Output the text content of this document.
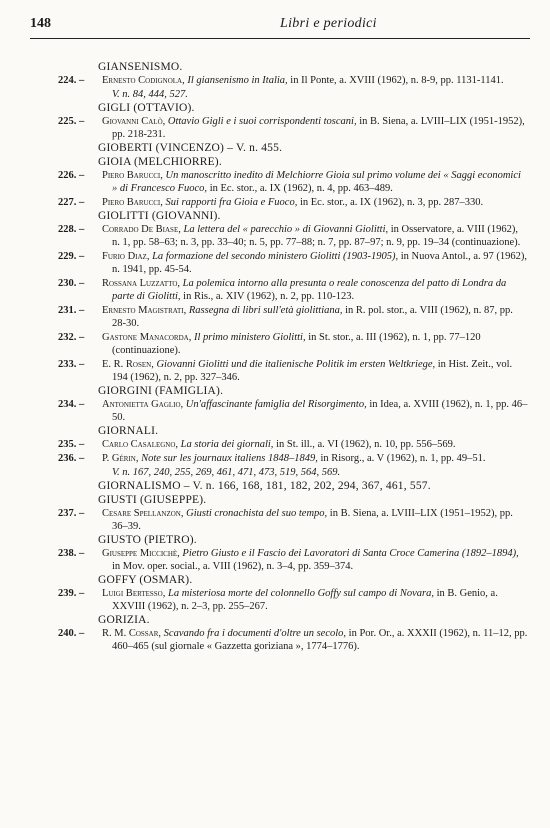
148	Libri e periodici
GIANSENISMO.
224. – Ernesto Codignola, Il giansenismo in Italia, in Il Ponte, a. XVIII (1962), n. 8-9, pp. 1131-1141.
V. n. 84, 444, 527.
GIGLI (OTTAVIO).
225. – Giovanni Calò, Ottavio Gigli e i suoi corrispondenti toscani, in B. Siena, a. LVIII–LIX (1951-1952), pp. 218-231.
GIOBERTI (VINCENZO) – V. n. 455.
GIOIA (MELCHIORRE).
226. – Piero Barucci, Un manoscritto inedito di Melchiorre Gioia sul primo volume dei « Saggi economici » di Francesco Fuoco, in Ec. stor., a. IX (1962), n. 4, pp. 463–489.
227. – Piero Barucci, Sui rapporti fra Gioia e Fuoco, in Ec. stor., a. IX (1962), n. 3, pp. 287–330.
GIOLITTI (GIOVANNI).
228. – Corrado De Biase, La lettera del « parecchio » di Giovanni Giolitti, in Osservatore, a. VIII (1962), n. 1, pp. 58–63; n. 3, pp. 33–40; n. 5, pp. 77–88; n. 7, pp. 87–97; n. 9, pp. 19–34 (continuazione).
229. – Furio Diaz, La formazione del secondo ministero Giolitti (1903-1905), in Nuova Antol., a. 97 (1962), n. 1941, pp. 45-54.
230. – Rossana Luzzatto, La polemica intorno alla presunta o reale conoscenza del patto di Londra da parte di Giolitti, in Ris., a. XIV (1962), n. 2, pp. 110-123.
231. – Ernesto Magistrati, Rassegna di libri sull'età giolittiana, in R. pol. stor., a. VIII (1962), n. 87, pp. 28-30.
232. – Gastone Manacorda, Il primo ministero Giolitti, in St. stor., a. III (1962), n. 1, pp. 77–120 (continuazione).
233. – E. R. Rosen, Giovanni Giolitti und die italienische Politik im ersten Weltkriege, in Hist. Zeit., vol. 194 (1962), n. 2, pp. 327–346.
GIORGINI (FAMIGLIA).
234. – Antonietta Gaglio, Un'affascinante famiglia del Risorgimento, in Idea, a. XVIII (1962), n. 1, pp. 46–50.
GIORNALI.
235. – Carlo Casalegno, La storia dei giornali, in St. ill., a. VI (1962), n. 10, pp. 556–569.
236. – P. Gérin, Note sur les journaux italiens 1848–1849, in Risorg., a. V (1962), n. 1, pp. 49–51.
V. n. 167, 240, 255, 269, 461, 471, 473, 519, 564, 569.
GIORNALISMO – V. n. 166, 168, 181, 182, 202, 294, 367, 461, 557.
GIUSTI (GIUSEPPE).
237. – Cesare Spellanzon, Giusti cronachista del suo tempo, in B. Siena, a. LVIII–LIX (1951–1952), pp. 36–39.
GIUSTO (PIETRO).
238. – Giuseppe Miccichè, Pietro Giusto e il Fascio dei Lavoratori di Santa Croce Camerina (1892–1894), in Mov. oper. social., a. VIII (1962), n. 3–4, pp. 359–374.
GOFFY (OSMAR).
239. – Luigi Bertesso, La misteriosa morte del colonnello Goffy sul campo di Novara, in B. Genio, a. XXVIII (1962), n. 2–3, pp. 255–267.
GORIZIA.
240. – R. M. Cossar, Scavando fra i documenti d'oltre un secolo, in Por. Or., a. XXXII (1962), n. 11–12, pp. 460–465 (sul giornale « Gazzetta goriziana », 1774–1776).
